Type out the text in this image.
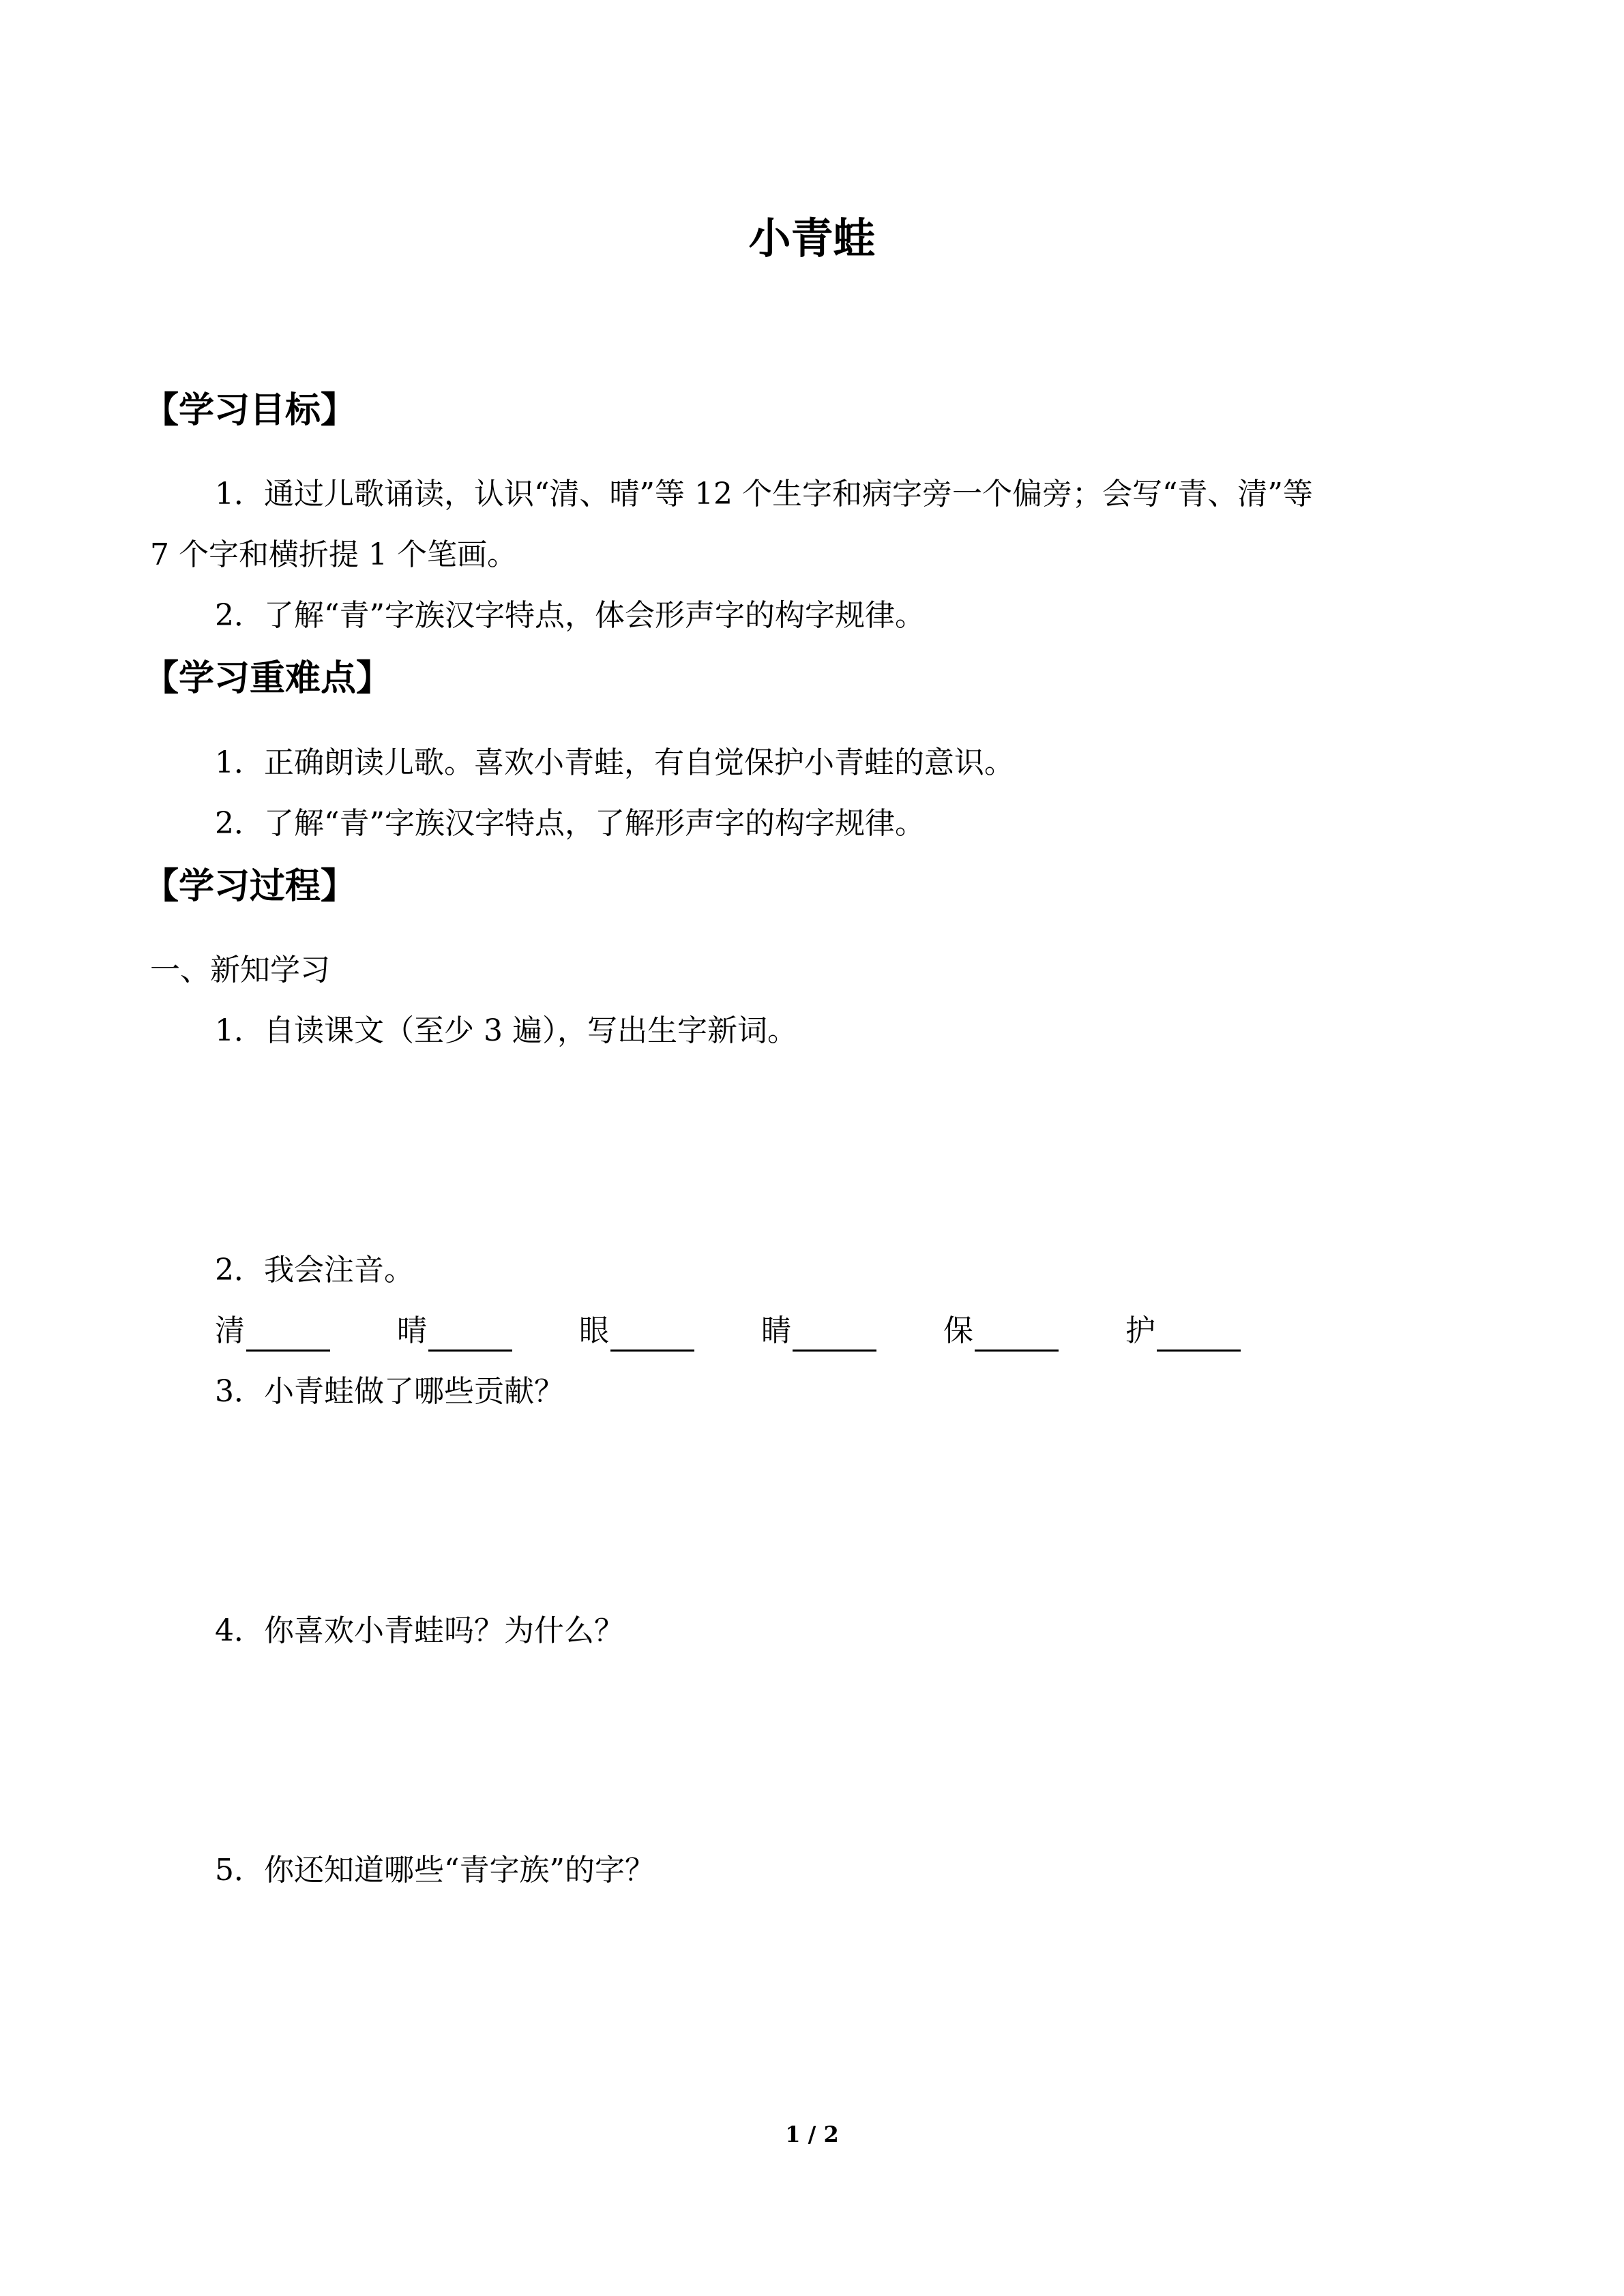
小青蛙
【学习目标】
1．通过儿歌诵读，认识“清、晴”等 12 个生字和病字旁一个偏旁；会写“青、清”等
7 个字和横折提 1 个笔画。
2．了解“青”字族汉字特点，体会形声字的构字规律。
【学习重难点】
1．正确朗读儿歌。喜欢小青蛙，有自觉保护小青蛙的意识。
2．了解“青”字族汉字特点，了解形声字的构字规律。
【学习过程】
一、新知学习
1．自读课文（至少 3 遍），写出生字新词。
2．我会注音。
清	晴	眼	睛	保	护
3．小青蛙做了哪些贡献？
4．你喜欢小青蛙吗？为什么？
5．你还知道哪些“青字族”的字？
1 / 2
